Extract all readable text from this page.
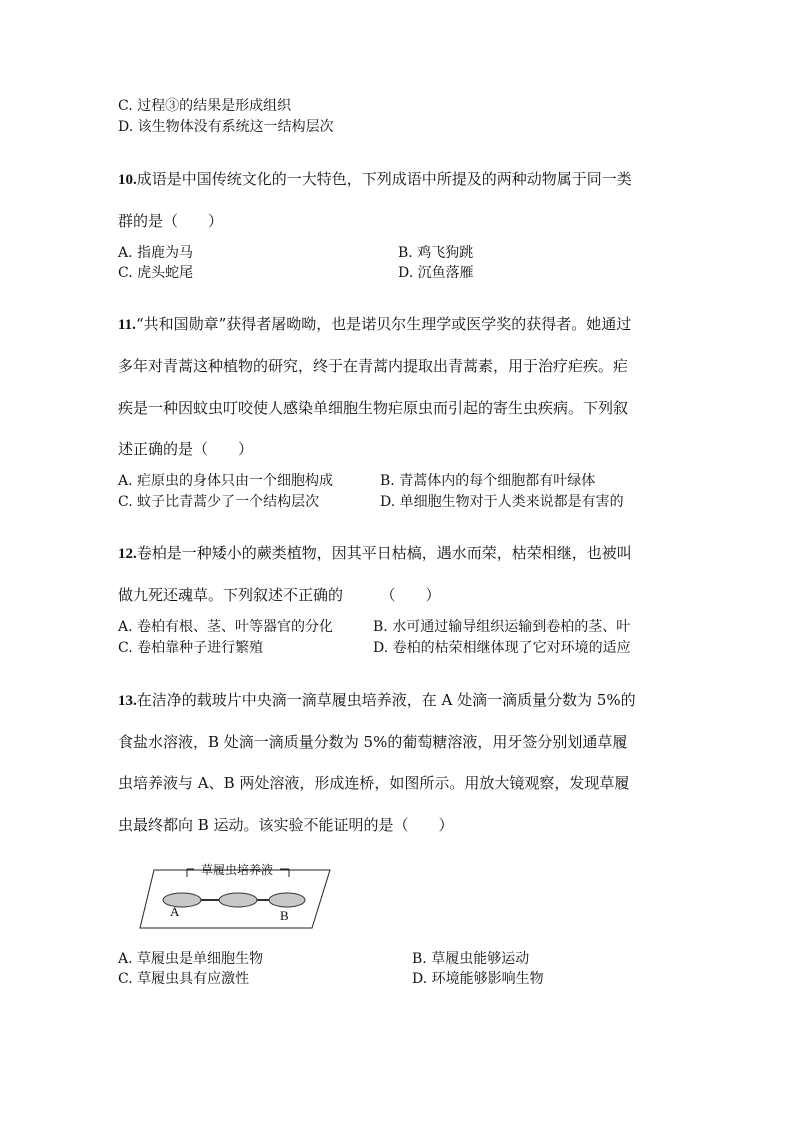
C. 过程③的结果是形成组织
D. 该生物体没有系统这一结构层次
10.成语是中国传统文化的一大特色，下列成语中所提及的两种动物属于同一类
群的是（　　）
A. 指鹿为马	B. 鸡飞狗跳
C. 虎头蛇尾	D. 沉鱼落雁
11.“共和国勋章”获得者屠呦呦，也是诺贝尔生理学或医学奖的获得者。她通过
多年对青蒿这种植物的研究，终于在青蒿内提取出青蒿素，用于治疗疟疾。疟
疾是一种因蚊虫叮咬使人感染单细胞生物疟原虫而引起的寄生虫疾病。下列叙
述正确的是（　　）
A. 疟原虫的身体只由一个细胞构成	B. 青蒿体内的每个细胞都有叶绿体
C. 蚊子比青蒿少了一个结构层次	D. 单细胞生物对于人类来说都是有害的
12.卷柏是一种矮小的蕨类植物，因其平日枯槁，遇水而荣，枯荣相继，也被叫
做九死还魂草。下列叙述不正确的　　　（　　）
A. 卷柏有根、茎、叶等器官的分化	B. 水可通过输导组织运输到卷柏的茎、叶
C. 卷柏靠种子进行繁殖	D. 卷柏的枯荣相继体现了它对环境的适应
13.在洁净的载玻片中央滴一滴草履虫培养液，在 A 处滴一滴质量分数为 5%的
食盐水溶液，B 处滴一滴质量分数为 5%的葡萄糖溶液，用牙签分别划通草履
虫培养液与 A、B 两处溶液，形成连桥，如图所示。用放大镜观察，发现草履
虫最终都向 B 运动。该实验不能证明的是（　　）
草履虫培养液
A	B
A. 草履虫是单细胞生物	B. 草履虫能够运动
C. 草履虫具有应激性	D. 环境能够影响生物
